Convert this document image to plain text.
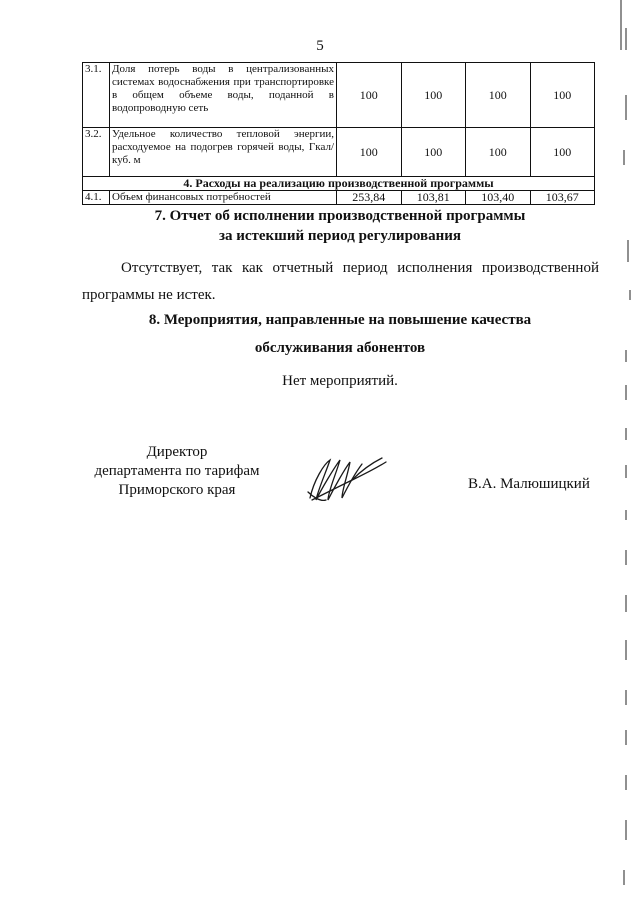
5
3.1.	Доля потерь воды в централизованных системах водоснабжения при транспортировке в общем объеме воды, поданной в водопроводную сеть	100	100	100	100
3.2.	Удельное количество тепловой энергии, расходуемое на подогрев горячей воды, Гкал/куб. м	100	100	100	100
4. Расходы на реализацию производственной программы					
4.1.	Объем финансовых потребностей	253,84	103,81	103,40	103,67
7. Отчет об исполнении производственной программы
за истекший период регулирования
Отсутствует, так как отчетный период исполнения производственной
программы не истек.
8. Мероприятия, направленные на повышение качества
обслуживания абонентов
Нет мероприятий.
Директор
департамента по тарифам
Приморского края	В.А. Малюшицкий
